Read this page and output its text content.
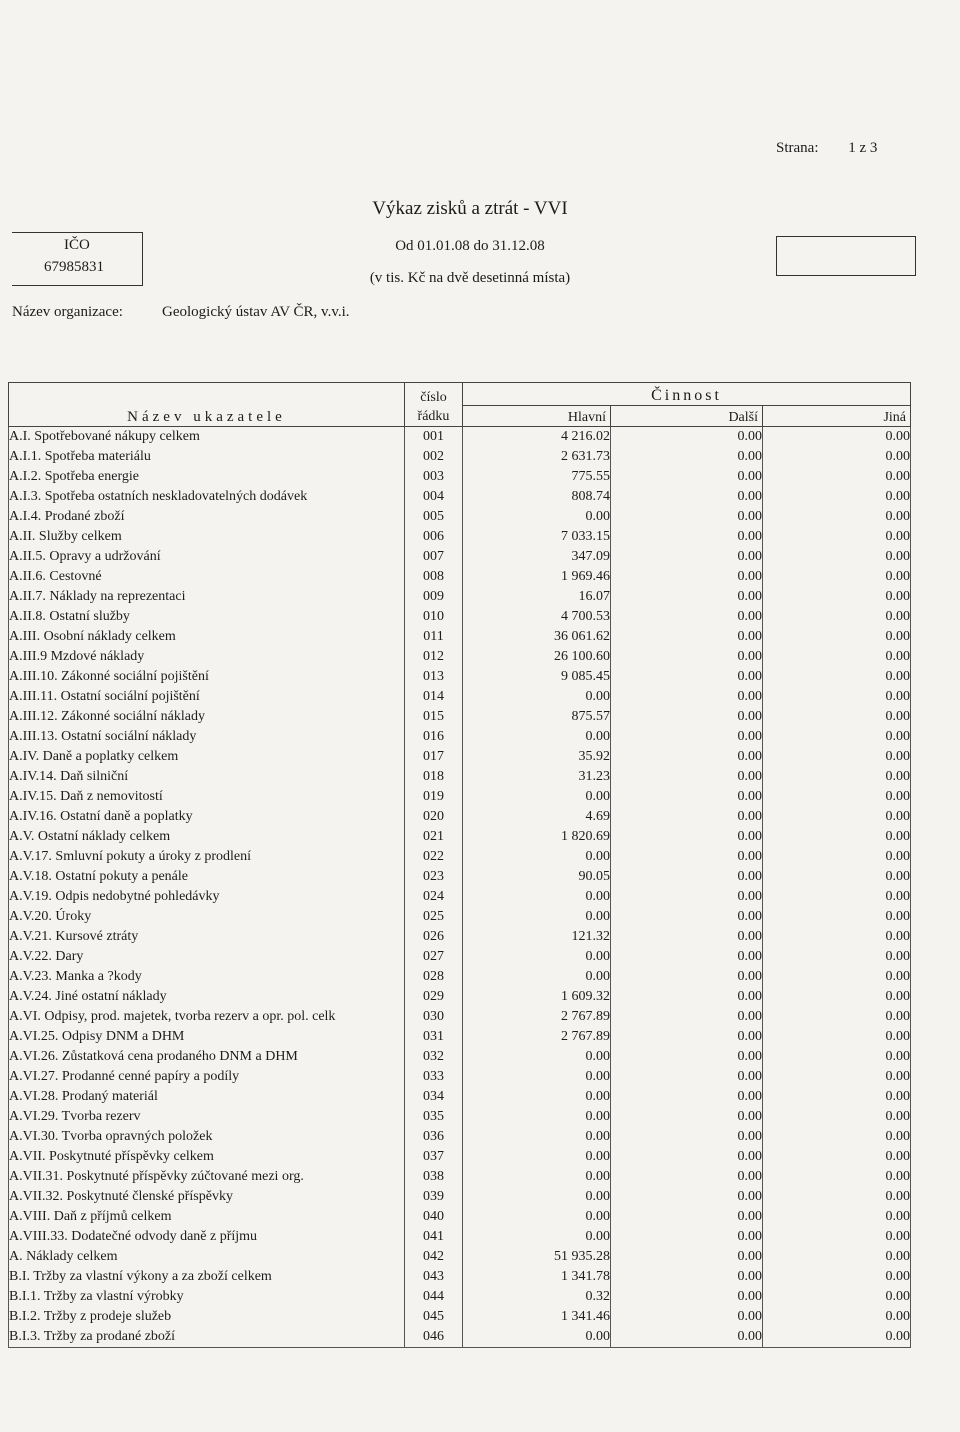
Strana: 1 z 3
Výkaz zisků a ztrát - VVI
IČO
67985831
Od 01.01.08 do 31.12.08
(v tis. Kč na dvě desetinná místa)
Název organizace:	Geologický ústav AV ČR, v.v.i.
Název ukazatele	číslo řádku	Činnost		
		Hlavní	Další	Jiná
A.I. Spotřebované nákupy celkem	001	4 216.02	0.00	0.00
A.I.1. Spotřeba materiálu	002	2 631.73	0.00	0.00
A.I.2. Spotřeba energie	003	775.55	0.00	0.00
A.I.3. Spotřeba ostatních neskladovatelných dodávek	004	808.74	0.00	0.00
A.I.4. Prodané zboží	005	0.00	0.00	0.00
A.II. Služby celkem	006	7 033.15	0.00	0.00
A.II.5. Opravy a udržování	007	347.09	0.00	0.00
A.II.6. Cestovné	008	1 969.46	0.00	0.00
A.II.7. Náklady na reprezentaci	009	16.07	0.00	0.00
A.II.8. Ostatní služby	010	4 700.53	0.00	0.00
A.III. Osobní náklady celkem	011	36 061.62	0.00	0.00
A.III.9 Mzdové náklady	012	26 100.60	0.00	0.00
A.III.10. Zákonné sociální pojištění	013	9 085.45	0.00	0.00
A.III.11. Ostatní sociální pojištění	014	0.00	0.00	0.00
A.III.12. Zákonné sociální náklady	015	875.57	0.00	0.00
A.III.13. Ostatní sociální náklady	016	0.00	0.00	0.00
A.IV. Daně a poplatky celkem	017	35.92	0.00	0.00
A.IV.14. Daň silniční	018	31.23	0.00	0.00
A.IV.15. Daň z nemovitostí	019	0.00	0.00	0.00
A.IV.16. Ostatní daně a poplatky	020	4.69	0.00	0.00
A.V. Ostatní náklady celkem	021	1 820.69	0.00	0.00
A.V.17. Smluvní pokuty a úroky z prodlení	022	0.00	0.00	0.00
A.V.18. Ostatní pokuty a penále	023	90.05	0.00	0.00
A.V.19. Odpis nedobytné pohledávky	024	0.00	0.00	0.00
A.V.20. Úroky	025	0.00	0.00	0.00
A.V.21. Kursové ztráty	026	121.32	0.00	0.00
A.V.22. Dary	027	0.00	0.00	0.00
A.V.23. Manka a ?kody	028	0.00	0.00	0.00
A.V.24. Jiné ostatní náklady	029	1 609.32	0.00	0.00
A.VI. Odpisy, prod. majetek, tvorba rezerv a opr. pol. celk	030	2 767.89	0.00	0.00
A.VI.25. Odpisy DNM a DHM	031	2 767.89	0.00	0.00
A.VI.26. Zůstatková cena prodaného DNM a DHM	032	0.00	0.00	0.00
A.VI.27. Prodanné cenné papíry a podíly	033	0.00	0.00	0.00
A.VI.28. Prodaný materiál	034	0.00	0.00	0.00
A.VI.29. Tvorba rezerv	035	0.00	0.00	0.00
A.VI.30. Tvorba opravných položek	036	0.00	0.00	0.00
A.VII. Poskytnuté příspěvky celkem	037	0.00	0.00	0.00
A.VII.31. Poskytnuté příspěvky zúčtované mezi org.	038	0.00	0.00	0.00
A.VII.32. Poskytnuté členské příspěvky	039	0.00	0.00	0.00
A.VIII. Daň z příjmů celkem	040	0.00	0.00	0.00
A.VIII.33. Dodatečné odvody daně z příjmu	041	0.00	0.00	0.00
A. Náklady celkem	042	51 935.28	0.00	0.00
B.I. Tržby za vlastní výkony a za zboží celkem	043	1 341.78	0.00	0.00
B.I.1. Tržby za vlastní výrobky	044	0.32	0.00	0.00
B.I.2. Tržby z prodeje služeb	045	1 341.46	0.00	0.00
B.I.3. Tržby za prodané zboží	046	0.00	0.00	0.00
